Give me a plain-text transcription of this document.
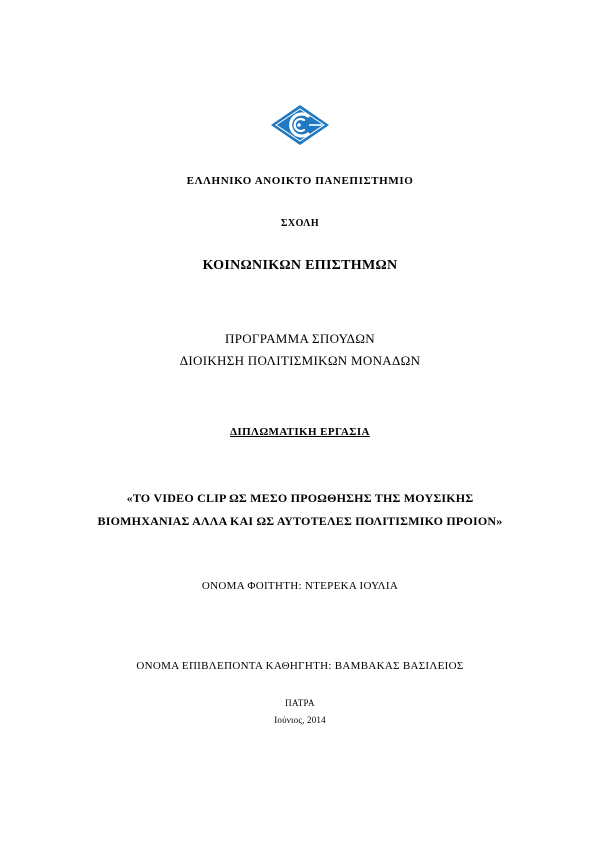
ΕΛΛΗΝΙΚΟ ΑΝΟΙΚΤΟ ΠΑΝΕΠΙΣΤΗΜΙΟ
ΣΧΟΛΗ
ΚΟΙΝΩΝΙΚΩΝ ΕΠΙΣΤΗΜΩΝ
ΠΡΟΓΡΑΜΜΑ ΣΠΟΥΔΩΝ
ΔΙΟΙΚΗΣΗ ΠΟΛΙΤΙΣΜΙΚΩΝ ΜΟΝΑΔΩΝ
ΔΙΠΛΩΜΑΤΙΚΗ ΕΡΓΑΣΙΑ
«ΤΟ VIDEO CLIP ΩΣ ΜΕΣΟ ΠΡΟΩΘΗΣΗΣ ΤΗΣ ΜΟΥΣΙΚΗΣ
ΒΙΟΜΗΧΑΝΙΑΣ ΑΛΛΑ ΚΑΙ ΩΣ ΑΥΤΟΤΕΛΕΣ ΠΟΛΙΤΙΣΜΙΚΟ ΠΡΟΙΟΝ»
ΟΝΟΜΑ ΦΟΙΤΗΤΗ: ΝΤΕΡΕΚΑ ΙΟΥΛΙΑ
ΟΝΟΜΑ ΕΠΙΒΛΕΠΟΝΤΑ ΚΑΘΗΓΗΤΗ: ΒΑΜΒΑΚΑΣ ΒΑΣΙΛΕΙΟΣ
ΠΑΤΡΑ
Ιούνιος, 2014
